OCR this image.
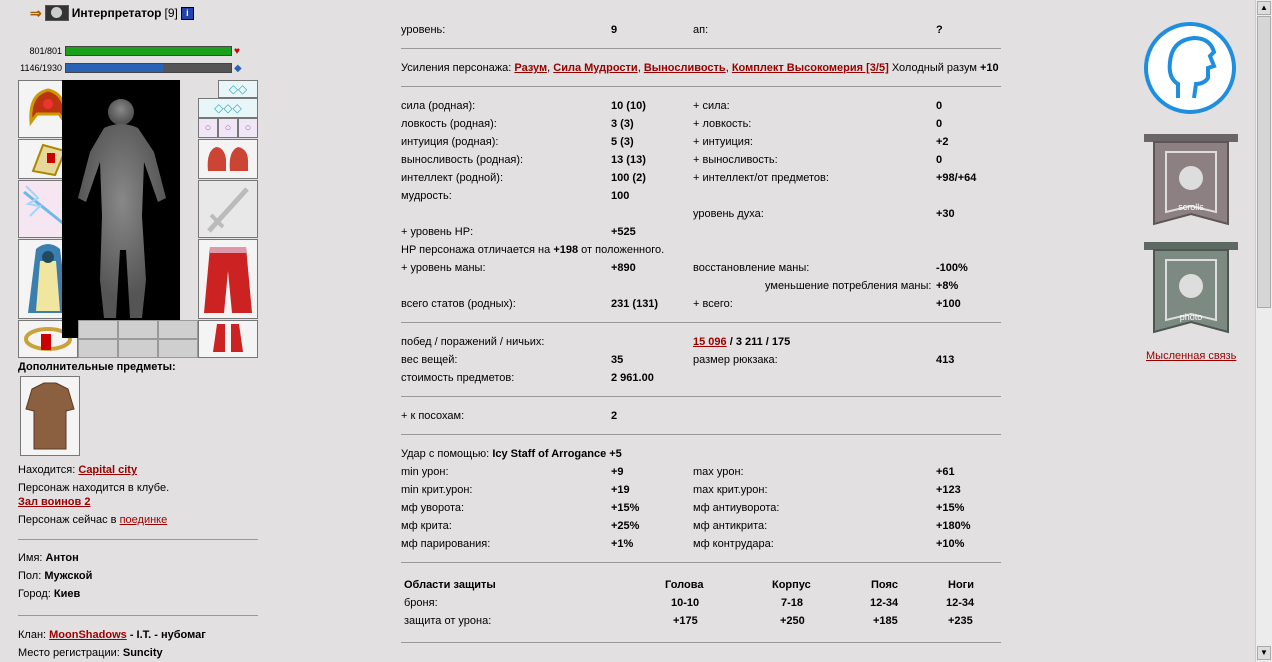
⇒	Интерпретатор [9] i
801/801	♥
1146/1930	◆
◇◇
◇◇◇
○ ○ ○
Дополнительные предметы:
Находится: Capital city
Персонаж находится в клубе.
Зал воинов 2
Персонаж сейчас в поединке
Имя: Антон
Пол: Мужской
Город: Киев
Клан: MoonShadows - I.T. - нубомаг
Место регистрации: Suncity
уровень:	9	ап:	?
Усиления персонажа: Разум, Сила Мудрости, Выносливость, Комплект Высокомерия [3/5] Холодный разум +10
сила (родная):	10 (10)	+ сила:	0
ловкость (родная):	3 (3)	+ ловкость:	0
интуиция (родная):	5 (3)	+ интуиция:	+2
выносливость (родная):	13 (13)	+ выносливость:	0
интеллект (родной):	100 (2)	+ интеллект/от предметов:	+98/+64
мудрость:	100
уровень духа:	+30
+ уровень HP:	+525
HP персонажа отличается на +198 от положенного.
+ уровень маны:	+890	восстановление маны:	-100%
уменьшение потребления маны: +8%
всего статов (родных):	231 (131)	+ всего:	+100
побед / поражений / ничьих:	15 096 / 3 211 / 175
вес вещей:	35	размер рюкзака:	413
стоимость предметов:	2 961.00
+ к посохам:	2
Удар с помощью: Icy Staff of Arrogance +5
min урон:	+9	max урон:	+61
min крит.урон:	+19	max крит.урон:	+123
мф уворота:	+15%	мф антиуворота:	+15%
мф крита:	+25%	мф антикрита:	+180%
мф парирования:	+1%	мф контрудара:	+10%
Области защиты	Голова	Корпус	Пояс	Ноги
броня:	10-10	7-18	12-34	12-34
защита от урона:	+175	+250	+185	+235
scrolls
photo
Мысленная связь
▲
▼
